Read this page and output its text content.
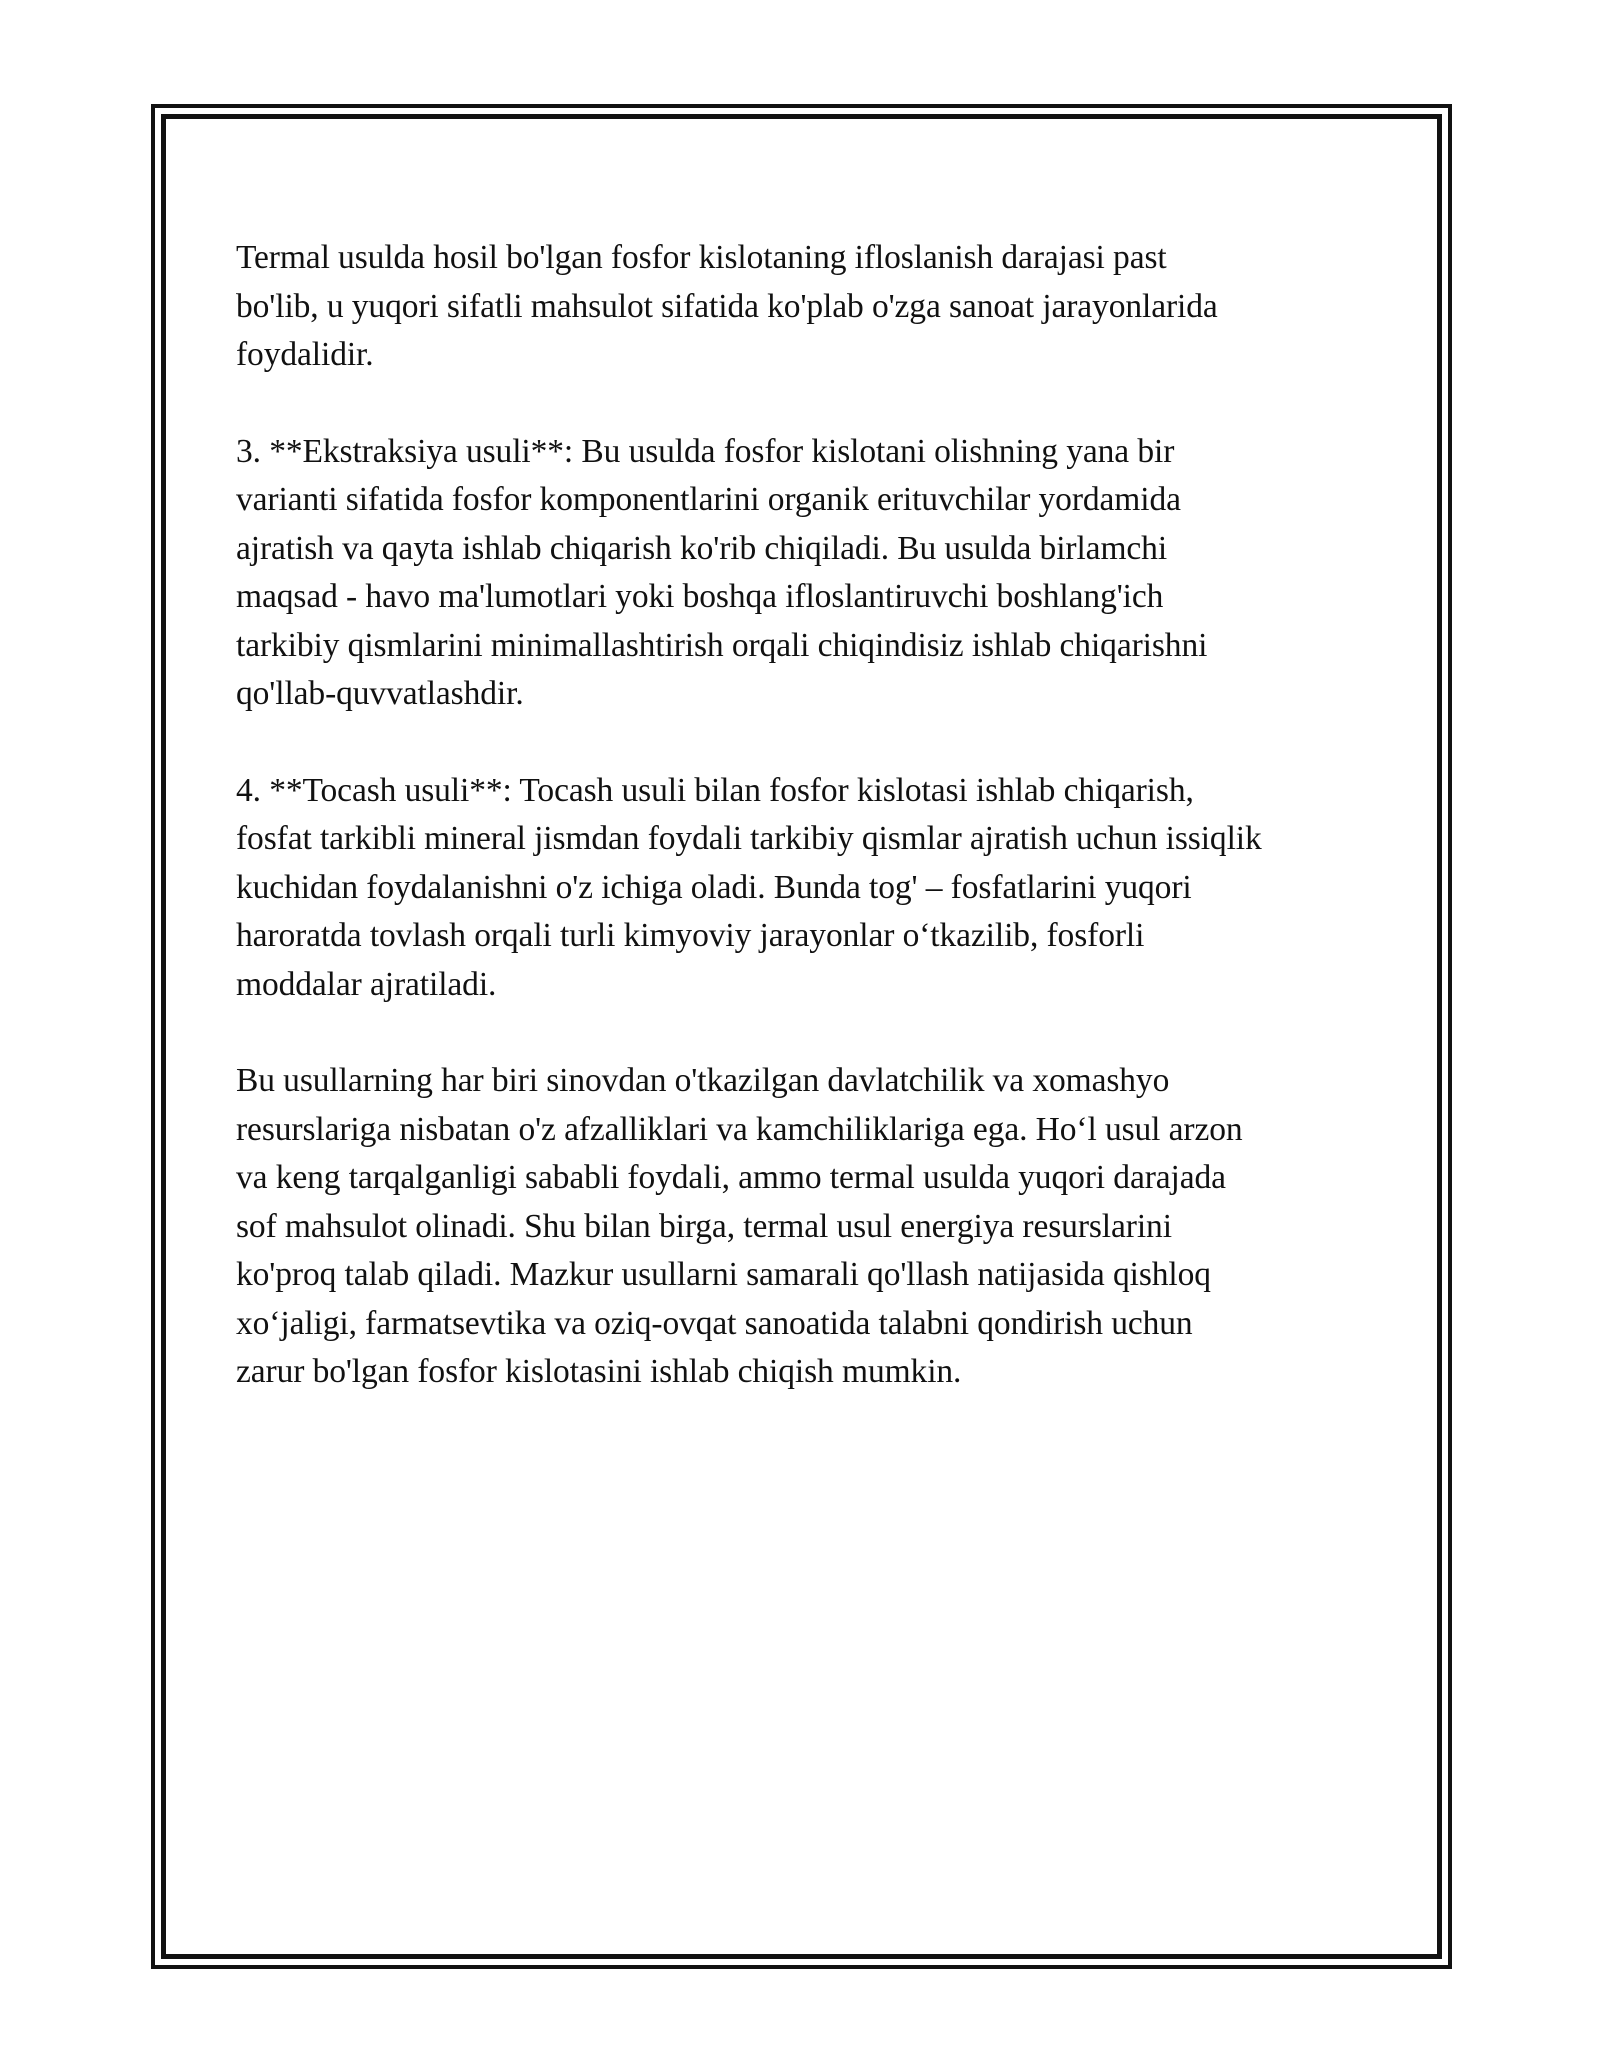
Termal usulda hosil bo'lgan fosfor kislotaning ifloslanish darajasi past
bo'lib, u yuqori sifatli mahsulot sifatida ko'plab o'zga sanoat jarayonlarida
foydalidir.

3. **Ekstraksiya usuli**: Bu usulda fosfor kislotani olishning yana bir
varianti sifatida fosfor komponentlarini organik erituvchilar yordamida
ajratish va qayta ishlab chiqarish ko'rib chiqiladi. Bu usulda birlamchi
maqsad - havo ma'lumotlari yoki boshqa ifloslantiruvchi boshlang'ich
tarkibiy qismlarini minimallashtirish orqali chiqindisiz ishlab chiqarishni
qo'llab-quvvatlashdir.

4. **Tocash usuli**: Tocash usuli bilan fosfor kislotasi ishlab chiqarish,
fosfat tarkibli mineral jismdan foydali tarkibiy qismlar ajratish uchun issiqlik
kuchidan foydalanishni o'z ichiga oladi. Bunda tog' – fosfatlarini yuqori
haroratda tovlash orqali turli kimyoviy jarayonlar o‘tkazilib, fosforli
moddalar ajratiladi.

Bu usullarning har biri sinovdan o'tkazilgan davlatchilik va xomashyo
resurslariga nisbatan o'z afzalliklari va kamchiliklariga ega. Ho‘l usul arzon
va keng tarqalganligi sababli foydali, ammo termal usulda yuqori darajada
sof mahsulot olinadi. Shu bilan birga, termal usul energiya resurslarini
ko'proq talab qiladi. Mazkur usullarni samarali qo'llash natijasida qishloq
xo‘jaligi, farmatsevtika va oziq-ovqat sanoatida talabni qondirish uchun
zarur bo'lgan fosfor kislotasini ishlab chiqish mumkin.
